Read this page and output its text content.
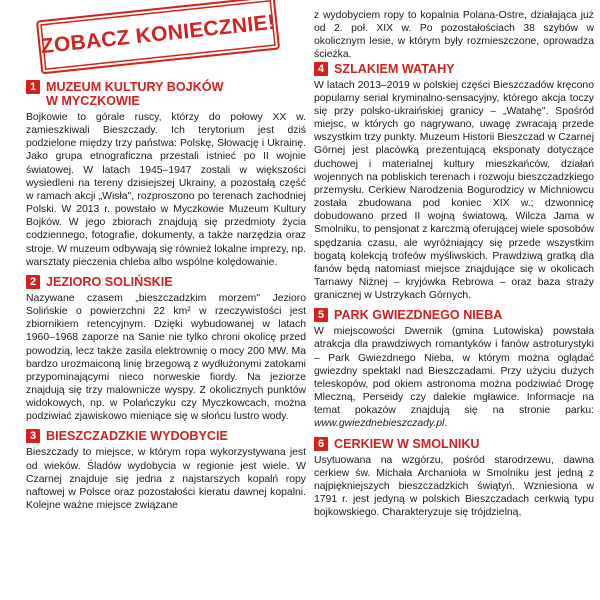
ZOBACZ KONIECZNIE!
1 MUZEUM KULTURY BOJKÓW
W MYCZKOWIE

Bojkowie to górale ruscy, którzy do połowy XX w. zamieszkiwali Bieszczady. Ich terytorium jest dziś podzielone między trzy państwa: Polskę, Słowację i Ukrainę. Jako grupa etnograficzna przestali istnieć po II wojnie światowej. W latach 1945–1947 zostali w większości wysiedleni na tereny dzisiejszej Ukrainy, a pozostałą część w ramach akcji „Wisła", rozproszono po terenach zachodniej Polski. W 2013 r. powstało w Myczkowie Muzeum Kultury Bojków. W jego zbiorach znajdują się przedmioty życia codziennego, fotografie, dokumenty, a także narzędzia oraz stroje. W muzeum odbywają się również lokalne imprezy, np. warsztaty pieczenia chleba albo wspólne kolędowanie.

2 JEZIORO SOLIŃSKIE

Nazywane czasem „bieszczadzkim morzem" Jezioro Solińskie o powierzchni 22 km² w rzeczywistości jest zbiornikiem retencyjnym. Dzięki wybudowanej w latach 1960–1968 zaporze na Sanie nie tylko chroni okolicę przed powodzią, lecz także zasila elektrownię o mocy 200 MW. Ma bardzo urozmaiconą linię brzegową z wydłużonymi zatokami przypominającymi nieco norweskie fiordy. Na jeziorze znajdują się trzy malownicze wyspy. Z okolicznych punktów widokowych, np. w Polańczyku czy Myczkowcach, można podziwiać zjawiskowo mieniące się w słońcu lustro wody.

3 BIESZCZADZKIE WYDOBYCIE

Bieszczady to miejsce, w którym ropa wykorzystywana jest od wieków. Śladów wydobycia w regionie jest wiele. W Czarnej znajduje się jedna z najstarszych kopalń ropy naftowej w Polsce oraz pozostałości kieratu dawnej kopalni. Kolejne ważne miejsce związane

z wydobyciem ropy to kopalnia Polana-Ostre, działająca już od 2. poł. XIX w. Po pozostałościach 38 szybów w okolicznym lesie, w którym były rozmieszczone, oprowadza ścieżka.

4 SZLAKIEM WATAHY

W latach 2013–2019 w polskiej części Bieszczadów kręcono popularny serial kryminalno-sensacyjny, którego akcja toczy się przy polsko-ukraińskiej granicy – „Watahę". Spośród miejsc, w których go nagrywano, uwagę zwracają przede wszystkim trzy punkty. Muzeum Historii Bieszczad w Czarnej Górnej jest placówką prezentującą eksponaty dotyczące duchowej i materialnej kultury mieszkańców, działań wojennych na pobliskich terenach i rozwoju bieszczadzkiego przemysłu. Cerkiew Narodzenia Bogurodzicy w Michniowcu została zbudowana pod koniec XIX w.; dzwonnicę dobudowano przed II wojną światową. Wilcza Jama w Smolniku, to pensjonat z karczmą oferującej wiele sposobów spędzania czasu, ale wyróżniający się przede wszystkim bogatą kolekcją trofeów myśliwskich. Prawdziwą gratką dla fanów będą natomiast miejsce znajdujące się w okolicach Tarnawy Niżnej – kryjówka Rebrowa – oraz baza straży granicznej w Ustrzykach Górnych.

5 PARK GWIEZDNEGO NIEBA

W miejscowości Dwernik (gmina Lutowiska) powstała atrakcja dla prawdziwych romantyków i fanów astroturystyki – Park Gwiezdnego Nieba, w którym można oglądać gwiezdny spektakl nad Bieszczadami. Przy użyciu dużych teleskopów, pod okiem astronoma można podziwiać Drogę Mleczną, Perseidy czy dalekie mgławice. Informacje na temat pokazów znajdują się na stronie parku: www.gwiezdnebieszczady.pl.

6 CERKIEW W SMOLNIKU

Usytuowana na wzgórzu, pośród starodrzewu, dawna cerkiew św. Michała Archanioła w Smolniku jest jedną z najpiękniejszych bieszczadzkich świątyń. Wzniesiona w 1791 r. jest jedyną w polskich Bieszczadach cerkwią typu bojkowskiego. Charakteryzuje się trójdzielną,
